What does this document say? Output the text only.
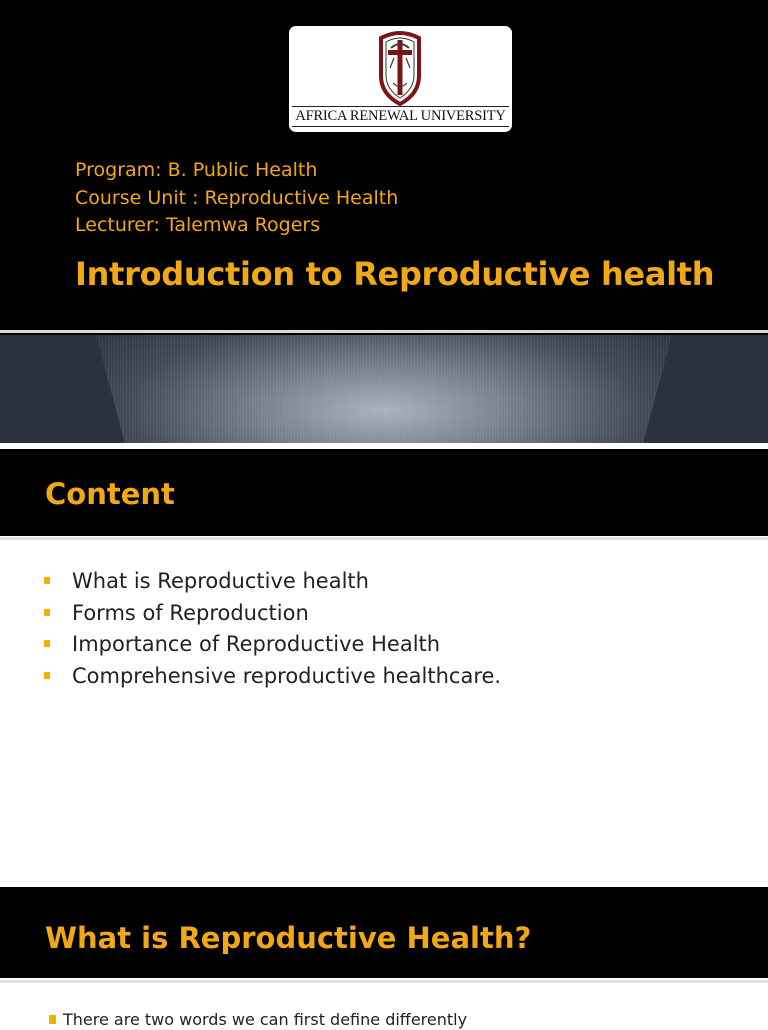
AFRICA RENEWAL UNIVERSITY
Program: B. Public Health
Course Unit : Reproductive Health
Lecturer: Talemwa Rogers
Introduction to Reproductive health
Content
What is Reproductive health
Forms of Reproduction
Importance of Reproductive Health
Comprehensive reproductive healthcare.
What is Reproductive Health?
There are two words we can first define differently
